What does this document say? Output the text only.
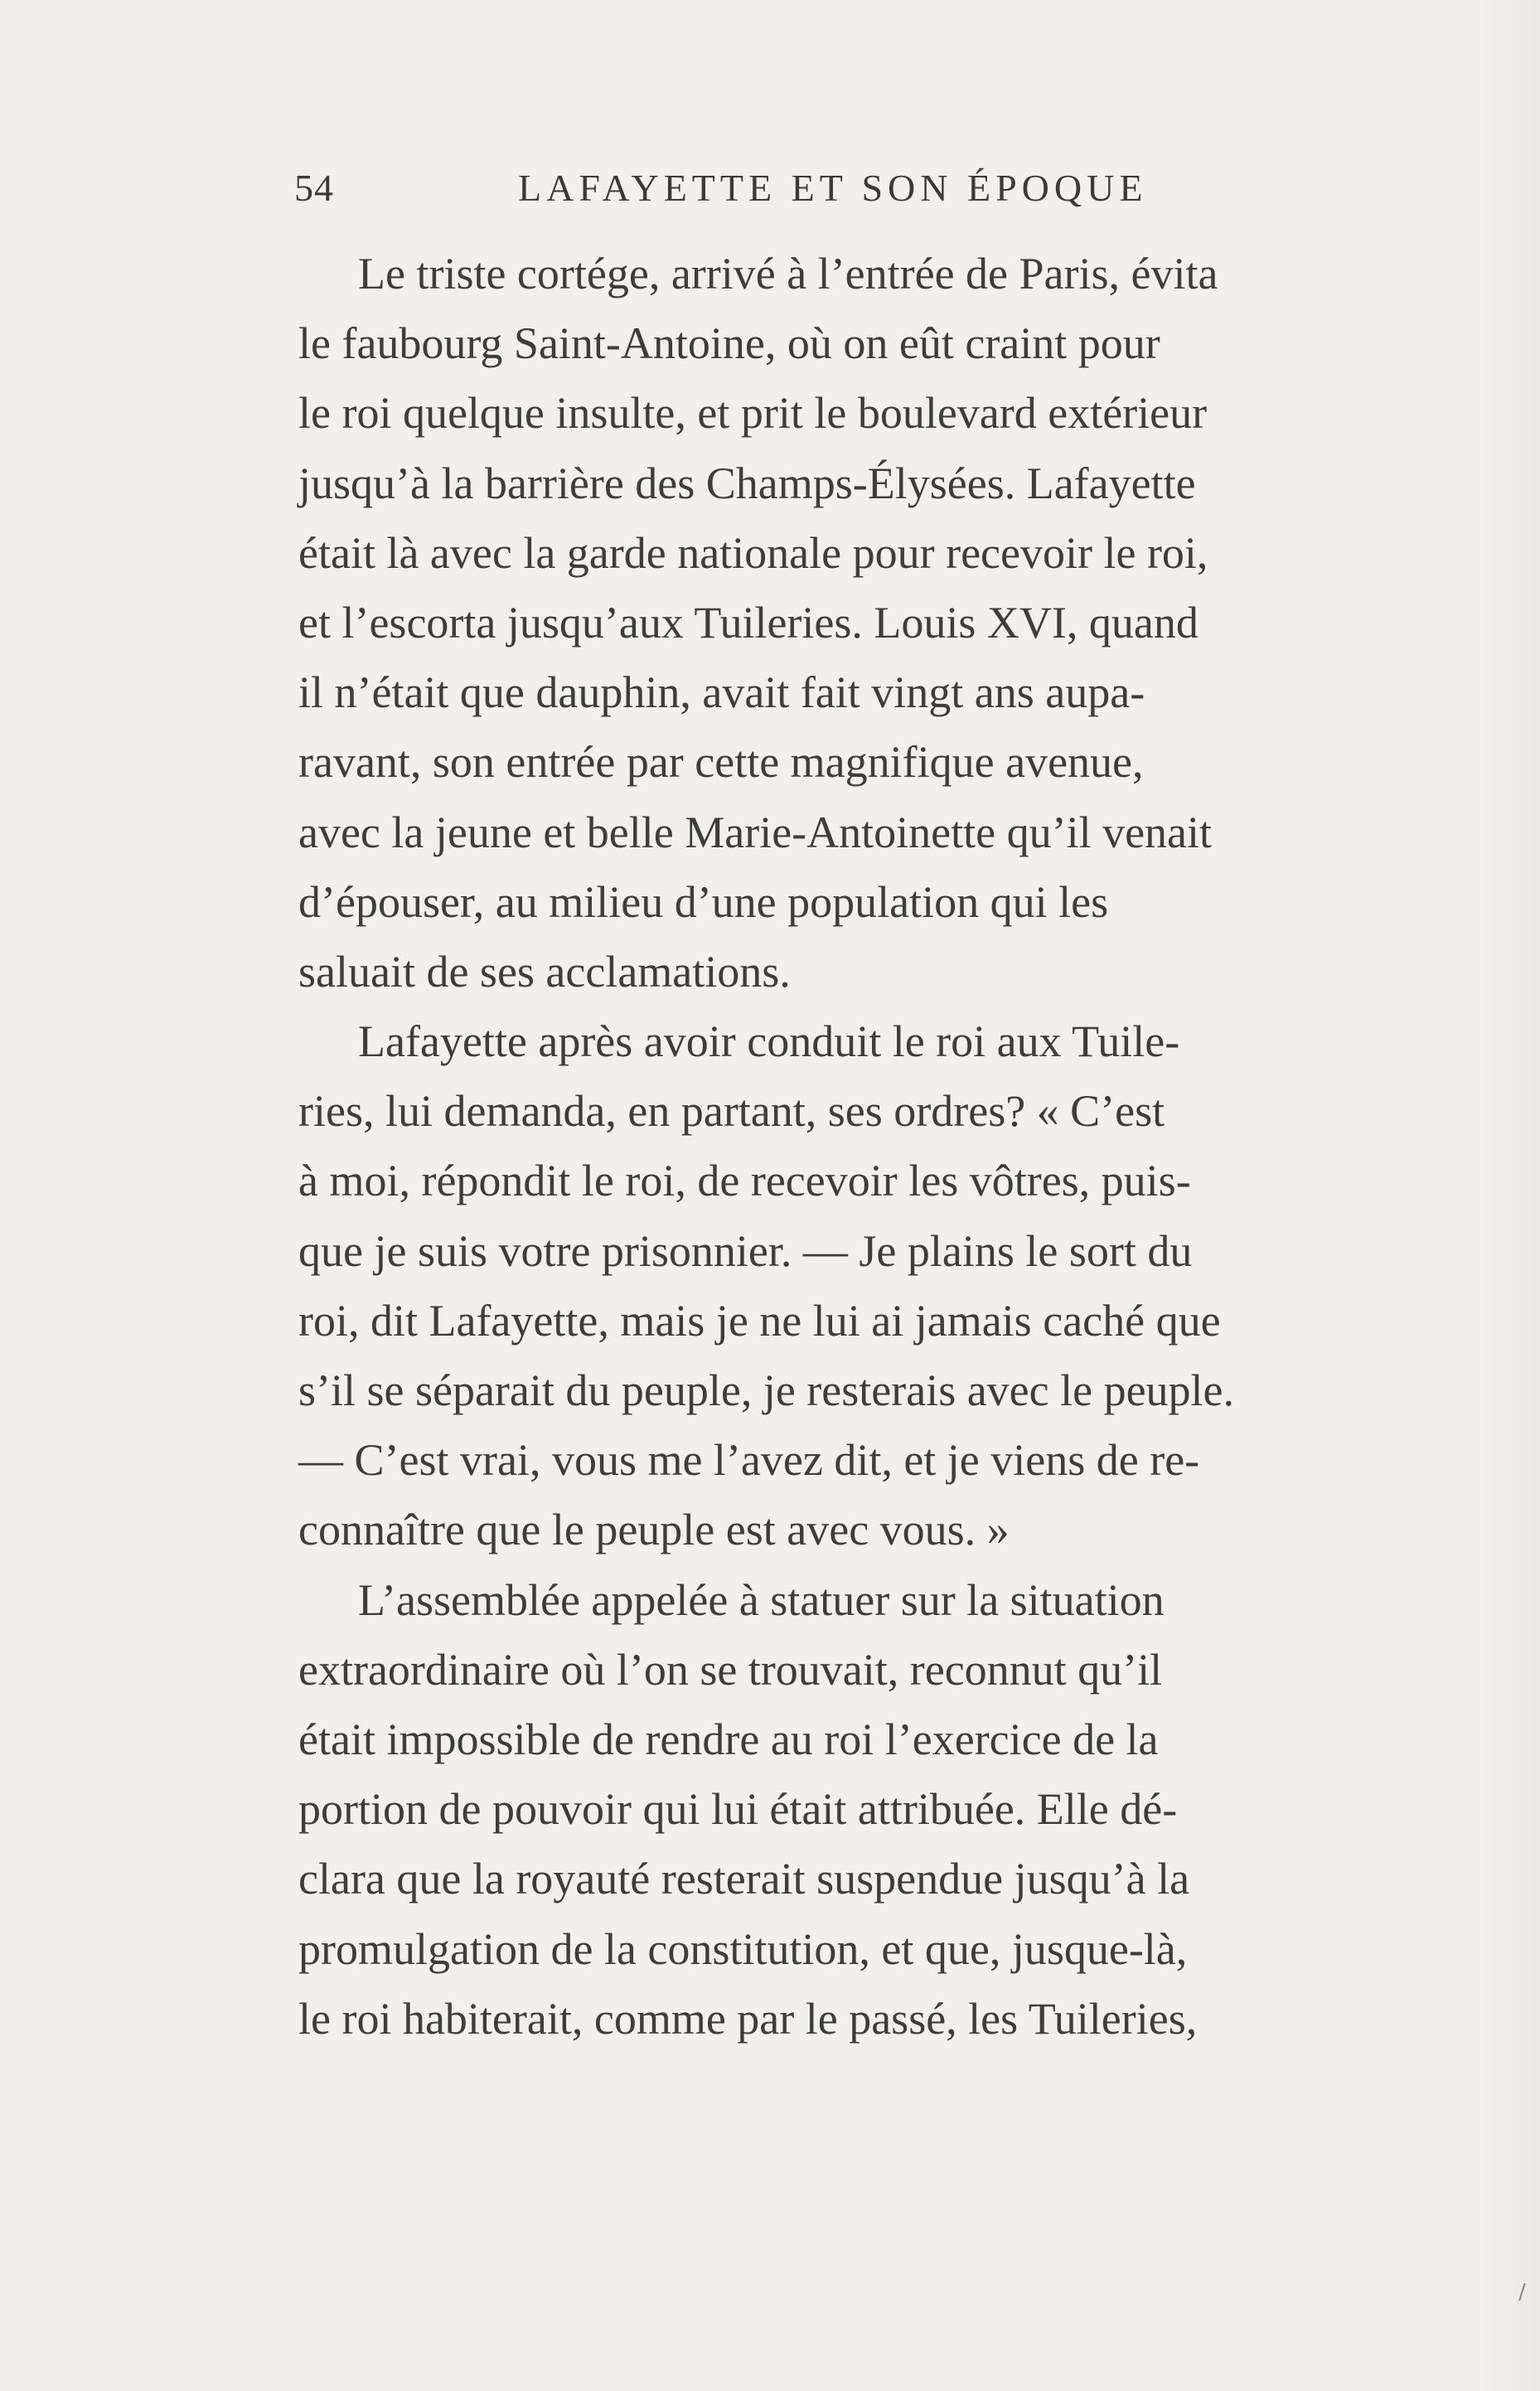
54	LAFAYETTE ET SON ÉPOQUE
Le triste cortége, arrivé à l’entrée de Paris, évita
le faubourg Saint-Antoine, où on eût craint pour
le roi quelque insulte, et prit le boulevard extérieur
jusqu’à la barrière des Champs-Élysées. Lafayette
était là avec la garde nationale pour recevoir le roi,
et l’escorta jusqu’aux Tuileries. Louis XVI, quand
il n’était que dauphin, avait fait vingt ans aupa-
ravant, son entrée par cette magnifique avenue,
avec la jeune et belle Marie-Antoinette qu’il venait
d’épouser, au milieu d’une population qui les
saluait de ses acclamations.
Lafayette après avoir conduit le roi aux Tuile-
ries, lui demanda, en partant, ses ordres? « C’est
à moi, répondit le roi, de recevoir les vôtres, puis-
que je suis votre prisonnier. — Je plains le sort du
roi, dit Lafayette, mais je ne lui ai jamais caché que
s’il se séparait du peuple, je resterais avec le peuple.
— C’est vrai, vous me l’avez dit, et je viens de re-
connaître que le peuple est avec vous. »
L’assemblée appelée à statuer sur la situation
extraordinaire où l’on se trouvait, reconnut qu’il
était impossible de rendre au roi l’exercice de la
portion de pouvoir qui lui était attribuée. Elle dé-
clara que la royauté resterait suspendue jusqu’à la
promulgation de la constitution, et que, jusque-là,
le roi habiterait, comme par le passé, les Tuileries,
/
